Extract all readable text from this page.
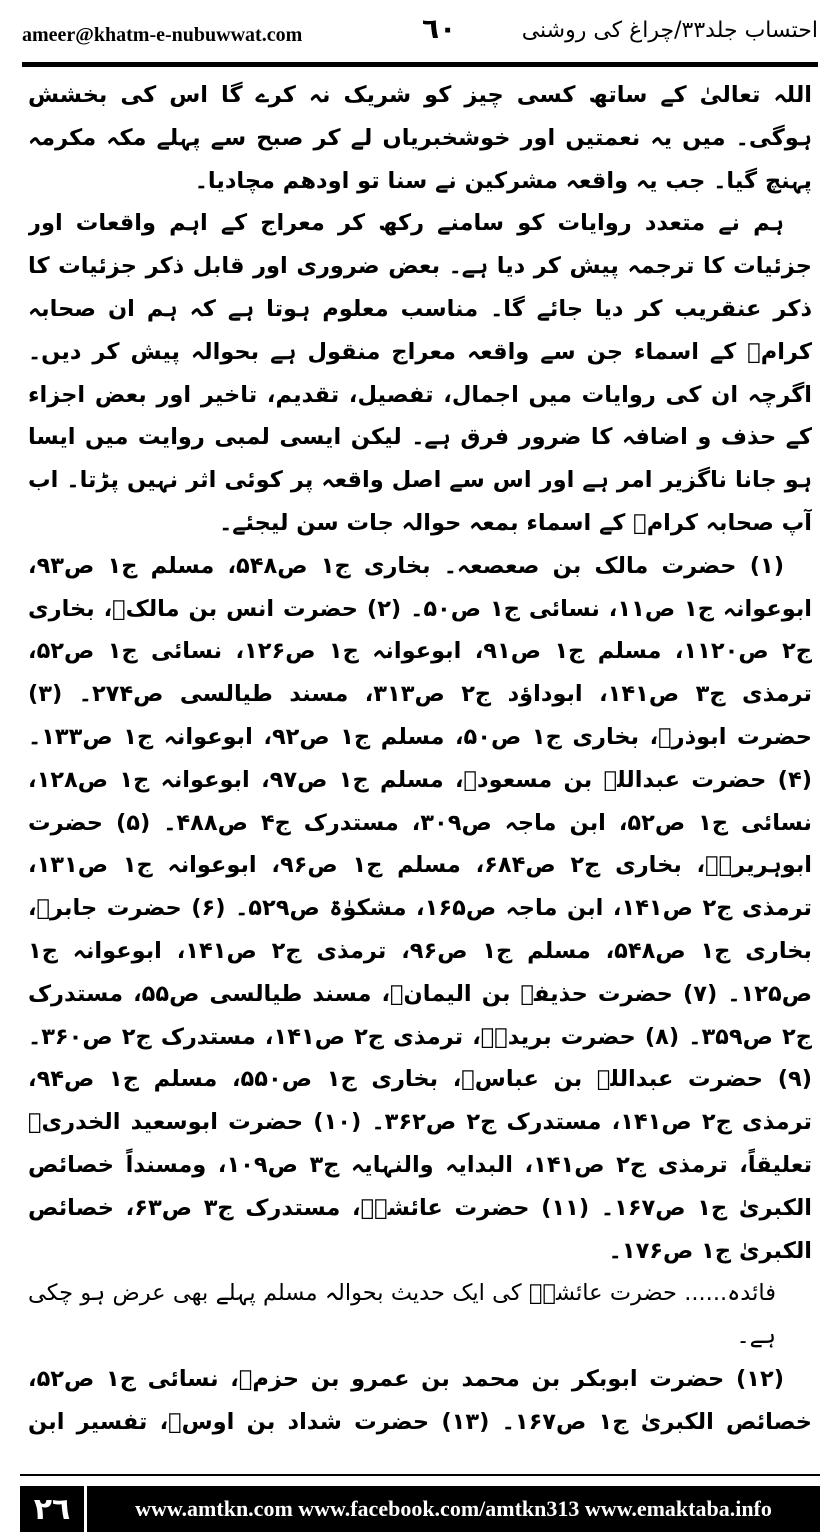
ameer@khatm-e-nubuwwat.com	٦٠	احتساب جلد۳۳/چراغ کی روشنی

اللہ تعالیٰ کے ساتھ کسی چیز کو شریک نہ کرے گا اس کی بخشش ہوگی۔ میں یہ نعمتیں اور خوشخبریاں لے کر صبح سے پہلے مکہ مکرمہ پہنچ گیا۔ جب یہ واقعہ مشرکین نے سنا تو اودھم مچادیا۔

ہم نے متعدد روایات کو سامنے رکھ کر معراج کے اہم واقعات اور جزئیات کا ترجمہ پیش کر دیا ہے۔ بعض ضروری اور قابل ذکر جزئیات کا ذکر عنقریب کر دیا جائے گا۔ مناسب معلوم ہوتا ہے کہ ہم ان صحابہ کرامؓ کے اسماء جن سے واقعہ معراج منقول ہے بحوالہ پیش کر دیں۔ اگرچہ ان کی روایات میں اجمال، تفصیل، تقدیم، تاخیر اور بعض اجزاء کے حذف و اضافہ کا ضرور فرق ہے۔ لیکن ایسی لمبی روایت میں ایسا ہو جانا ناگزیر امر ہے اور اس سے اصل واقعہ پر کوئی اثر نہیں پڑتا۔ اب آپ صحابہ کرامؓ کے اسماء بمعہ حوالہ جات سن لیجئے۔

(۱) حضرت مالک بن صعصعہ۔ بخاری ج۱ ص۵۴۸، مسلم ج۱ ص۹۳، ابوعوانہ ج۱ ص۱۱، نسائی ج۱ ص۵۰۔ (۲) حضرت انس بن مالکؓ، بخاری ج۲ ص۱۱۲۰، مسلم ج۱ ص۹۱، ابوعوانہ ج۱ ص۱۲۶، نسائی ج۱ ص۵۲، ترمذی ج۳ ص۱۴۱، ابوداؤد ج۲ ص۳۱۳، مسند طیالسی ص۲۷۴۔ (۳) حضرت ابوذرؓ، بخاری ج۱ ص۵۰، مسلم ج۱ ص۹۲، ابوعوانہ ج۱ ص۱۳۳۔ (۴) حضرت عبداللہ بن مسعودؓ، مسلم ج۱ ص۹۷، ابوعوانہ ج۱ ص۱۲۸، نسائی ج۱ ص۵۲، ابن ماجہ ص۳۰۹، مستدرک ج۴ ص۴۸۸۔ (۵) حضرت ابوہریرہؓ، بخاری ج۲ ص۶۸۴، مسلم ج۱ ص۹۶، ابوعوانہ ج۱ ص۱۳۱، ترمذی ج۲ ص۱۴۱، ابن ماجہ ص۱۶۵، مشکوٰۃ ص۵۲۹۔ (۶) حضرت جابرؓ، بخاری ج۱ ص۵۴۸، مسلم ج۱ ص۹۶، ترمذی ج۲ ص۱۴۱، ابوعوانہ ج۱ ص۱۲۵۔ (۷) حضرت حذیفہ بن الیمانؓ، مسند طیالسی ص۵۵، مستدرک ج۲ ص۳۵۹۔ (۸) حضرت بریدہؓ، ترمذی ج۲ ص۱۴۱، مستدرک ج۲ ص۳۶۰۔ (۹) حضرت عبداللہ بن عباسؓ، بخاری ج۱ ص۵۵۰، مسلم ج۱ ص۹۴، ترمذی ج۲ ص۱۴۱، مستدرک ج۲ ص۳۶۲۔ (۱۰) حضرت ابوسعید الخدریؓ تعلیقاً، ترمذی ج۲ ص۱۴۱، البدایہ والنہایہ ج۳ ص۱۰۹، ومسنداً خصائص الکبریٰ ج۱ ص۱۶۷۔ (۱۱) حضرت عائشہؓ، مستدرک ج۳ ص۶۳، خصائص الکبریٰ ج۱ ص۱۷۶۔

فائدہ...... حضرت عائشہؓ کی ایک حدیث بحوالہ مسلم پہلے بھی عرض ہو چکی ہے۔

(۱۲) حضرت ابوبکر بن محمد بن عمرو بن حزمؓ، نسائی ج۱ ص۵۲، خصائص الکبریٰ ج۱ ص۱۶۷۔ (۱۳) حضرت شداد بن اوسؓ، تفسیر ابن

٢٦	www.amtkn.com www.facebook.com/amtkn313 www.emaktaba.info
